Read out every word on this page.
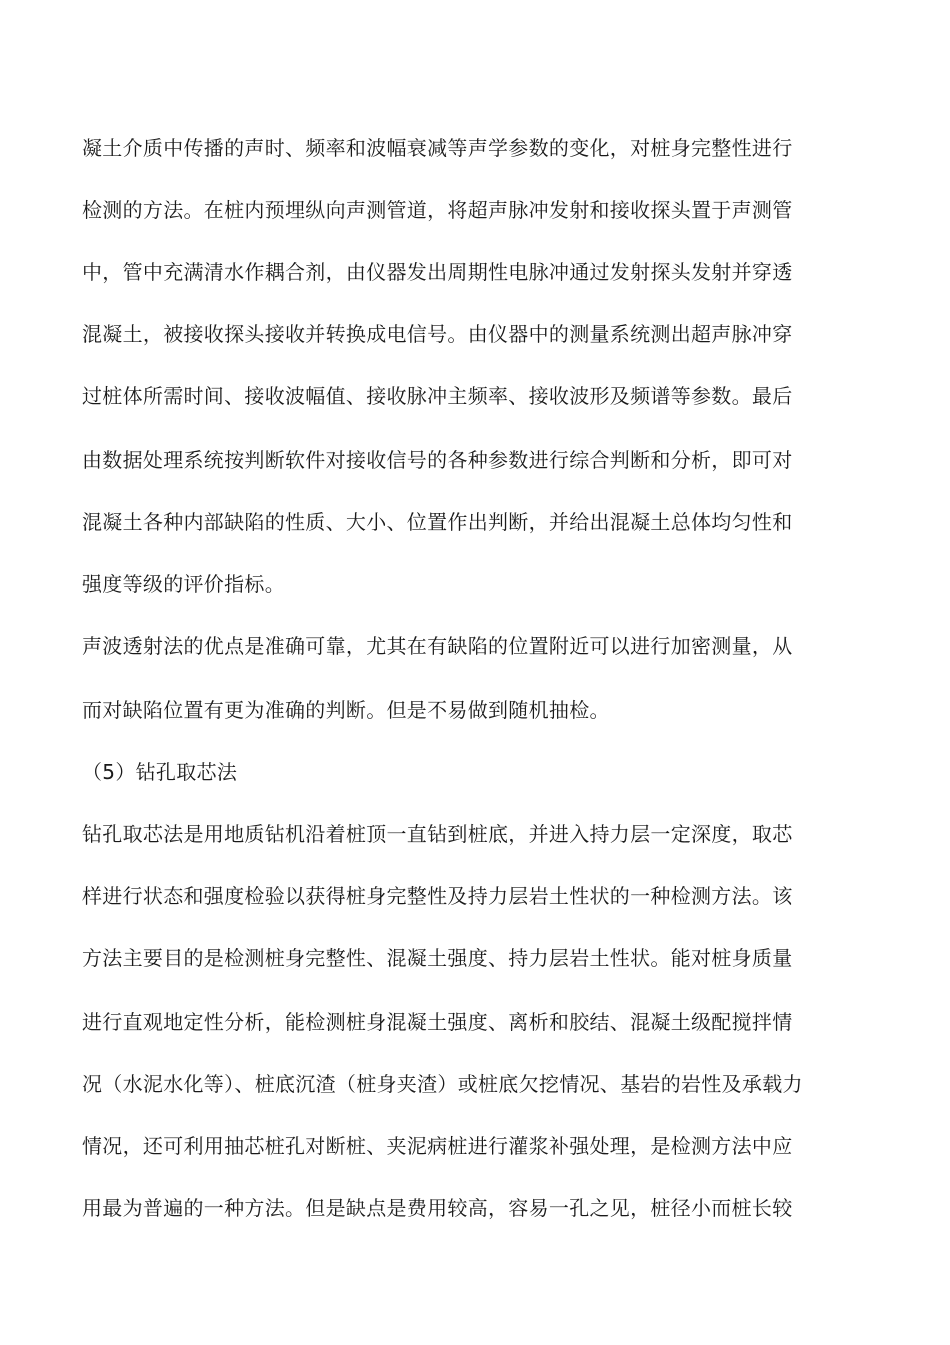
凝土介质中传播的声时、频率和波幅衰减等声学参数的变化，对桩身完整性进行
检测的方法。在桩内预埋纵向声测管道，将超声脉冲发射和接收探头置于声测管
中，管中充满清水作耦合剂，由仪器发出周期性电脉冲通过发射探头发射并穿透
混凝土，被接收探头接收并转换成电信号。由仪器中的测量系统测出超声脉冲穿
过桩体所需时间、接收波幅值、接收脉冲主频率、接收波形及频谱等参数。最后
由数据处理系统按判断软件对接收信号的各种参数进行综合判断和分析，即可对
混凝土各种内部缺陷的性质、大小、位置作出判断，并给出混凝土总体均匀性和
强度等级的评价指标。
声波透射法的优点是准确可靠，尤其在有缺陷的位置附近可以进行加密测量，从
而对缺陷位置有更为准确的判断。但是不易做到随机抽检。
（5）钻孔取芯法
钻孔取芯法是用地质钻机沿着桩顶一直钻到桩底，并进入持力层一定深度，取芯
样进行状态和强度检验以获得桩身完整性及持力层岩土性状的一种检测方法。该
方法主要目的是检测桩身完整性、混凝土强度、持力层岩土性状。能对桩身质量
进行直观地定性分析，能检测桩身混凝土强度、离析和胶结、混凝土级配搅拌情
况（水泥水化等）、桩底沉渣（桩身夹渣）或桩底欠挖情况、基岩的岩性及承载力
情况，还可利用抽芯桩孔对断桩、夹泥病桩进行灌浆补强处理，是检测方法中应
用最为普遍的一种方法。但是缺点是费用较高，容易一孔之见，桩径小而桩长较
